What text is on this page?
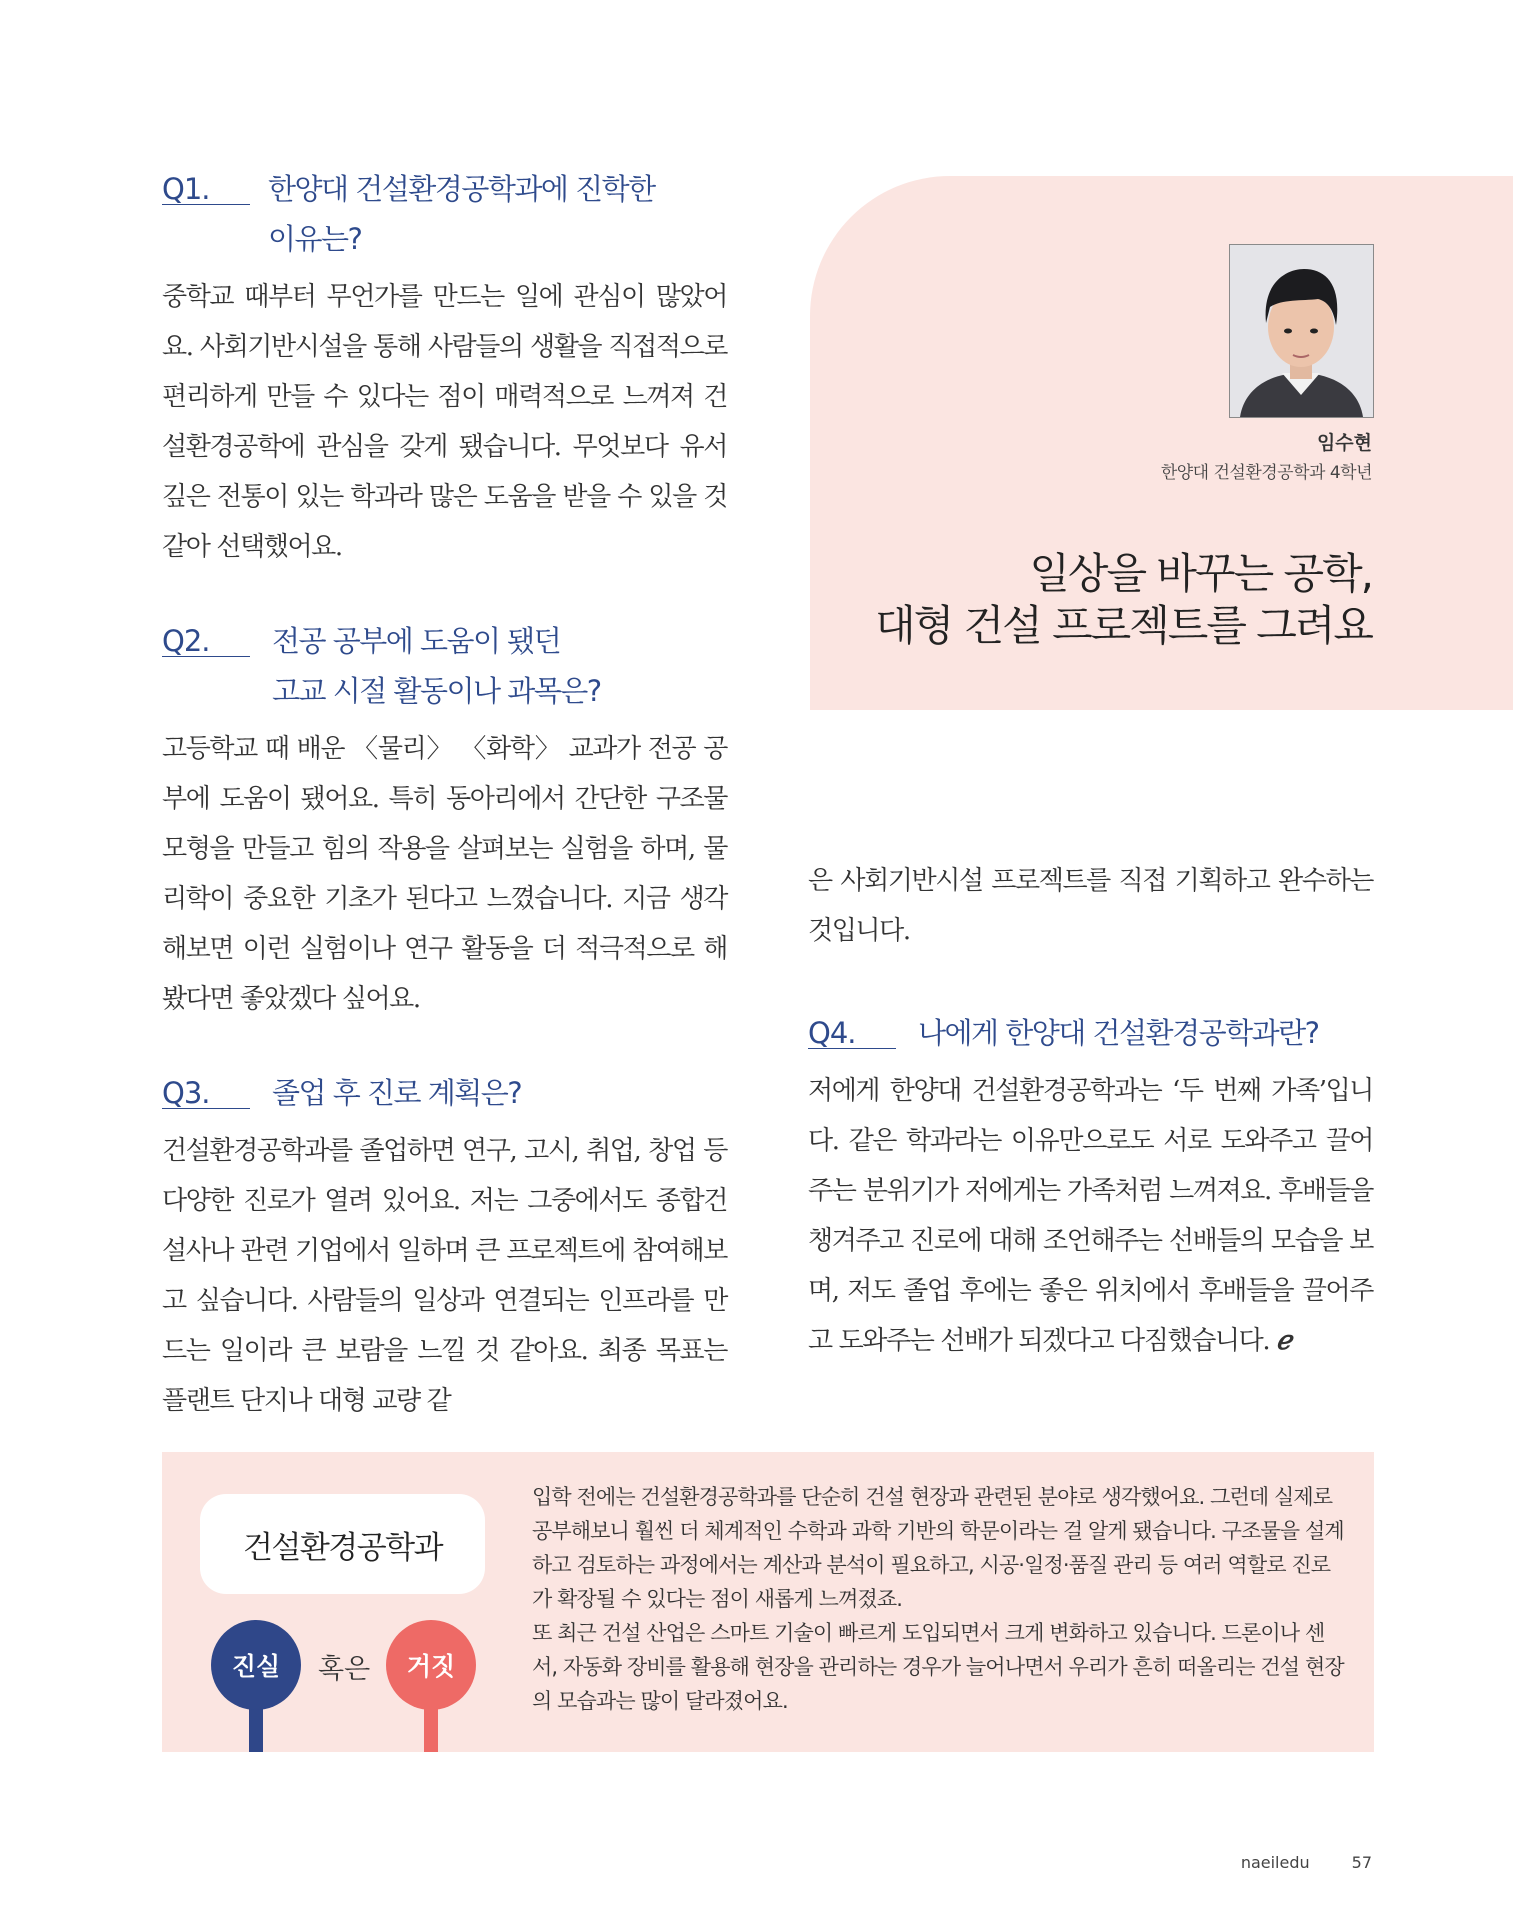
Q1.	한양대 건설환경공학과에 진학한
이유는?
중학교 때부터 무언가를 만드는 일에 관심이 많았어요. 사회기반시설을 통해 사람들의 생활을 직접적으로 편리하게 만들 수 있다는 점이 매력적으로 느껴져 건설환경공학에 관심을 갖게 됐습니다. 무엇보다 유서 깊은 전통이 있는 학과라 많은 도움을 받을 수 있을 것 같아 선택했어요.
Q2.	전공 공부에 도움이 됐던
고교 시절 활동이나 과목은?
고등학교 때 배운 〈물리〉 〈화학〉 교과가 전공 공부에 도움이 됐어요. 특히 동아리에서 간단한 구조물 모형을 만들고 힘의 작용을 살펴보는 실험을 하며, 물리학이 중요한 기초가 된다고 느꼈습니다. 지금 생각해보면 이런 실험이나 연구 활동을 더 적극적으로 해봤다면 좋았겠다 싶어요.
Q3.	졸업 후 진로 계획은?
건설환경공학과를 졸업하면 연구, 고시, 취업, 창업 등 다양한 진로가 열려 있어요. 저는 그중에서도 종합건설사나 관련 기업에서 일하며 큰 프로젝트에 참여해보고 싶습니다. 사람들의 일상과 연결되는 인프라를 만드는 일이라 큰 보람을 느낄 것 같아요. 최종 목표는 플랜트 단지나 대형 교량 같
임수현
한양대 건설환경공학과 4학년
일상을 바꾸는 공학,
대형 건설 프로젝트를 그려요
은 사회기반시설 프로젝트를 직접 기획하고 완수하는 것입니다.
Q4.	나에게 한양대 건설환경공학과란?
저에게 한양대 건설환경공학과는 ‘두 번째 가족’입니다. 같은 학과라는 이유만으로도 서로 도와주고 끌어주는 분위기가 저에게는 가족처럼 느껴져요. 후배들을 챙겨주고 진로에 대해 조언해주는 선배들의 모습을 보며, 저도 졸업 후에는 좋은 위치에서 후배들을 끌어주고 도와주는 선배가 되겠다고 다짐했습니다. ℯ
건설환경공학과
진실	혹은	거짓

입학 전에는 건설환경공학과를 단순히 건설 현장과 관련된 분야로 생각했어요. 그런데 실제로 공부해보니 훨씬 더 체계적인 수학과 과학 기반의 학문이라는 걸 알게 됐습니다. 구조물을 설계하고 검토하는 과정에서는 계산과 분석이 필요하고, 시공·일정·품질 관리 등 여러 역할로 진로가 확장될 수 있다는 점이 새롭게 느껴졌죠.

또 최근 건설 산업은 스마트 기술이 빠르게 도입되면서 크게 변화하고 있습니다. 드론이나 센서, 자동화 장비를 활용해 현장을 관리하는 경우가 늘어나면서 우리가 흔히 떠올리는 건설 현장의 모습과는 많이 달라졌어요.

naeiledu	57
